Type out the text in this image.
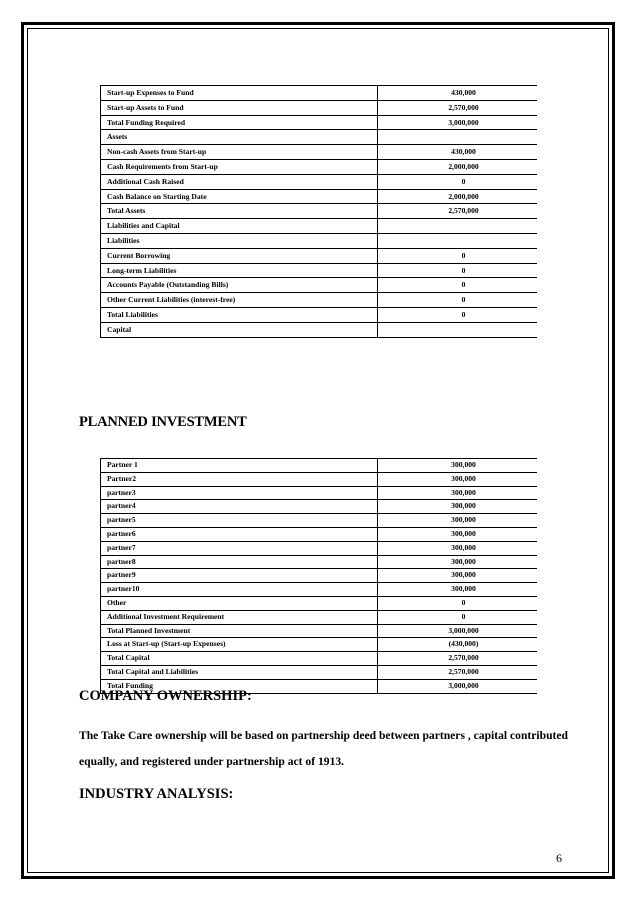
Start-up Expenses to Fund	430,000
Start-up Assets to Fund	2,570,000
Total Funding Required	3,000,000
Assets	
Non-cash Assets from Start-up	430,000
Cash Requirements from Start-up	2,000,000
Additional Cash Raised	0
Cash Balance on Starting Date	2,000,000
Total Assets	2,570,000
Liabilities and Capital	
Liabilities	
Current Borrowing	0
Long-term Liabilities	0
Accounts Payable (Outstanding Bills)	0
Other Current Liabilities (interest-free)	0
Total Liabilities	0
Capital	
PLANNED INVESTMENT
Partner 1	300,000
Partner2	300,000
partner3	300,000
partner4	300,000
partner5	300,000
partner6	300,000
partner7	300,000
partner8	300,000
partner9	300,000
partner10	300,000
Other	0
Additional Investment Requirement	0
Total Planned Investment	3,000,000
Loss at Start-up (Start-up Expenses)	(430,000)
Total Capital	2,570,000
Total Capital and Liabilities	2,570,000
Total Funding	3,000,000
COMPANY OWNERSHIP:

The Take Care ownership will be based on partnership deed between partners , capital contributed equally, and registered under partnership act of 1913.

INDUSTRY ANALYSIS:
6
